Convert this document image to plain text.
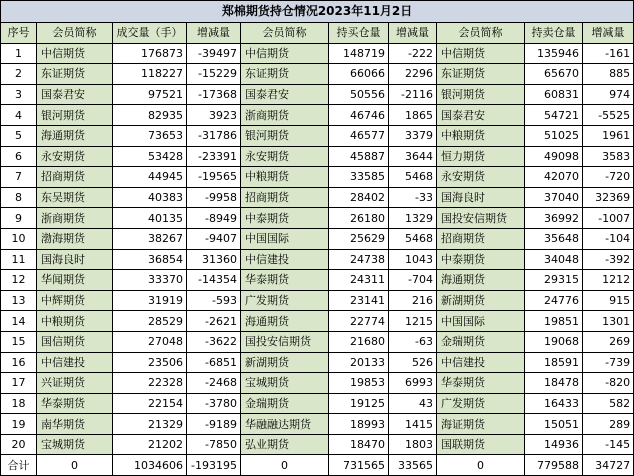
郑棉期货持仓情况2023年11月2日									
序号	会员简称	成交量（手）	增减量	会员简称	持买仓量	增减量	会员简称	持卖仓量	增减量
1	中信期货	176873	-39497	中信期货	148719	-222	中信期货	135946	-161
2	东证期货	118227	-15229	东证期货	66066	2296	东证期货	65670	885
3	国泰君安	97521	-17368	国泰君安	50556	-2116	银河期货	60831	974
4	银河期货	82935	3923	浙商期货	46746	1865	国泰君安	54721	-5525
5	海通期货	73653	-31786	银河期货	46577	3379	中粮期货	51025	1961
6	永安期货	53428	-23391	永安期货	45887	3644	恒力期货	49098	3583
7	招商期货	44945	-19565	中粮期货	33585	5468	永安期货	42070	-720
8	东吴期货	40383	-9958	招商期货	28402	-33	国海良时	37040	32369
9	浙商期货	40135	-8949	中泰期货	26180	1329	国投安信期货	36992	-1007
10	渤海期货	38267	-9407	中国国际	25629	5468	招商期货	35648	-104
11	国海良时	36854	31360	中信建投	24738	1043	中泰期货	34048	-392
12	华闻期货	33370	-14354	华泰期货	24311	-704	海通期货	29315	1212
13	中辉期货	31919	-593	广发期货	23141	216	新湖期货	24776	915
14	中粮期货	28529	-2621	海通期货	22774	1215	中国国际	19851	1301
15	国信期货	27048	-3622	国投安信期货	21680	-63	金瑞期货	19068	269
16	中信建投	23506	-6851	新湖期货	20133	526	中信建投	18591	-739
17	兴证期货	22328	-2468	宝城期货	19853	6993	华泰期货	18478	-820
18	华泰期货	22154	-3780	金瑞期货	19125	43	广发期货	16433	582
19	南华期货	21329	-9189	华融融达期货	18993	1415	海证期货	15051	289
20	宝城期货	21202	-7850	弘业期货	18470	1803	国联期货	14936	-145
合计	0	1034606	-193195	0	731565	33565	0	779588	34727
